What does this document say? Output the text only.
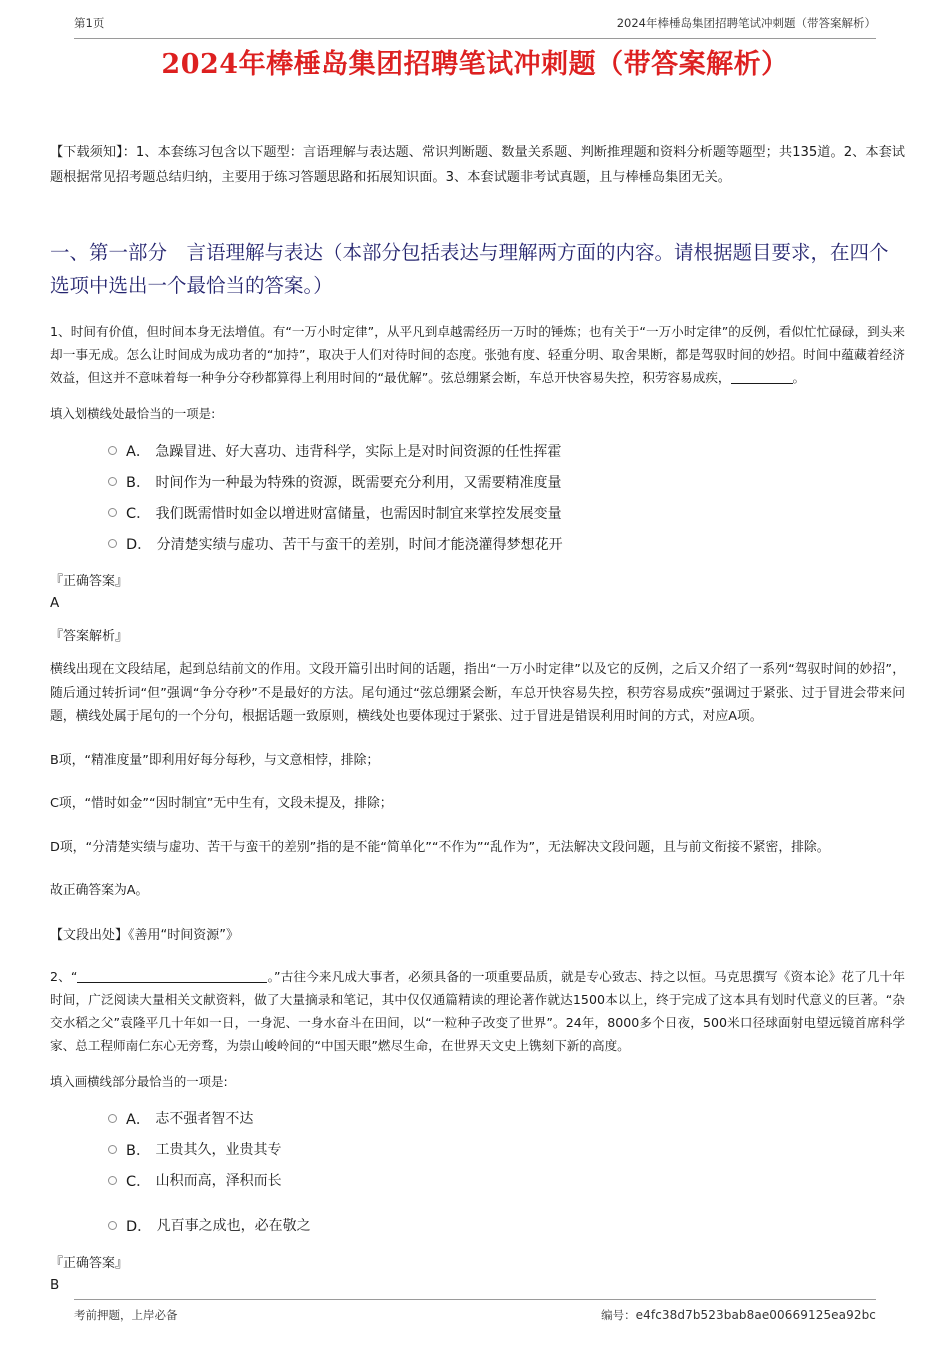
第1页	2024年棒棰岛集团招聘笔试冲刺题（带答案解析）
2024年棒棰岛集团招聘笔试冲刺题（带答案解析）

【下载须知】：1、本套练习包含以下题型：言语理解与表达题、常识判断题、数量关系题、判断推理题和资料分析题等题型；共135道。2、本套试题根据常见招考题总结归纳，主要用于练习答题思路和拓展知识面。3、本套试题非考试真题，且与棒棰岛集团无关。

一、第一部分　言语理解与表达（本部分包括表达与理解两方面的内容。请根据题目要求，在四个选项中选出一个最恰当的答案。）

1、时间有价值，但时间本身无法增值。有“一万小时定律”，从平凡到卓越需经历一万时的锤炼；也有关于“一万小时定律”的反例，看似忙忙碌碌，到头来却一事无成。怎么让时间成为成功者的“加持”，取决于人们对待时间的态度。张弛有度、轻重分明、取舍果断，都是驾驭时间的妙招。时间中蕴藏着经济效益，但这并不意味着每一种争分夺秒都算得上利用时间的“最优解”。弦总绷紧会断，车总开快容易失控，积劳容易成疾，	。

填入划横线处最恰当的一项是:

A． 急躁冒进、好大喜功、违背科学，实际上是对时间资源的任性挥霍
B． 时间作为一种最为特殊的资源，既需要充分利用，又需要精准度量
C． 我们既需惜时如金以增进财富储量，也需因时制宜来掌控发展变量
D． 分清楚实绩与虚功、苦干与蛮干的差别，时间才能浇灌得梦想花开

『正确答案』

A

『答案解析』

横线出现在文段结尾，起到总结前文的作用。文段开篇引出时间的话题，指出“一万小时定律”以及它的反例，之后又介绍了一系列“驾驭时间的妙招”，随后通过转折词“但”强调“争分夺秒”不是最好的方法。尾句通过“弦总绷紧会断，车总开快容易失控，积劳容易成疾”强调过于紧张、过于冒进会带来问题，横线处属于尾句的一个分句，根据话题一致原则，横线处也要体现过于紧张、过于冒进是错误利用时间的方式，对应A项。

B项，“精准度量”即利用好每分每秒，与文意相悖，排除；

C项，“惜时如金”“因时制宜”无中生有，文段未提及，排除；

D项，“分清楚实绩与虚功、苦干与蛮干的差别”指的是不能“简单化”“不作为”“乱作为”，无法解决文段问题，且与前文衔接不紧密，排除。

故正确答案为A。

【文段出处】《善用“时间资源”》

2、“	。”古往今来凡成大事者，必须具备的一项重要品质，就是专心致志、持之以恒。马克思撰写《资本论》花了几十年时间，广泛阅读大量相关文献资料，做了大量摘录和笔记，其中仅仅通篇精读的理论著作就达1500本以上，终于完成了这本具有划时代意义的巨著。“杂交水稻之父”袁隆平几十年如一日，一身泥、一身水奋斗在田间，以“一粒种子改变了世界”。24年，8000多个日夜，500米口径球面射电望远镜首席科学家、总工程师南仁东心无旁骛，为崇山峻岭间的“中国天眼”燃尽生命，在世界天文史上镌刻下新的高度。

填入画横线部分最恰当的一项是:

A． 志不强者智不达
B． 工贵其久，业贵其专
C． 山积而高，泽积而长
D． 凡百事之成也，必在敬之

『正确答案』

B

考前押题，上岸必备	编号：e4fc38d7b523bab8ae00669125ea92bc
